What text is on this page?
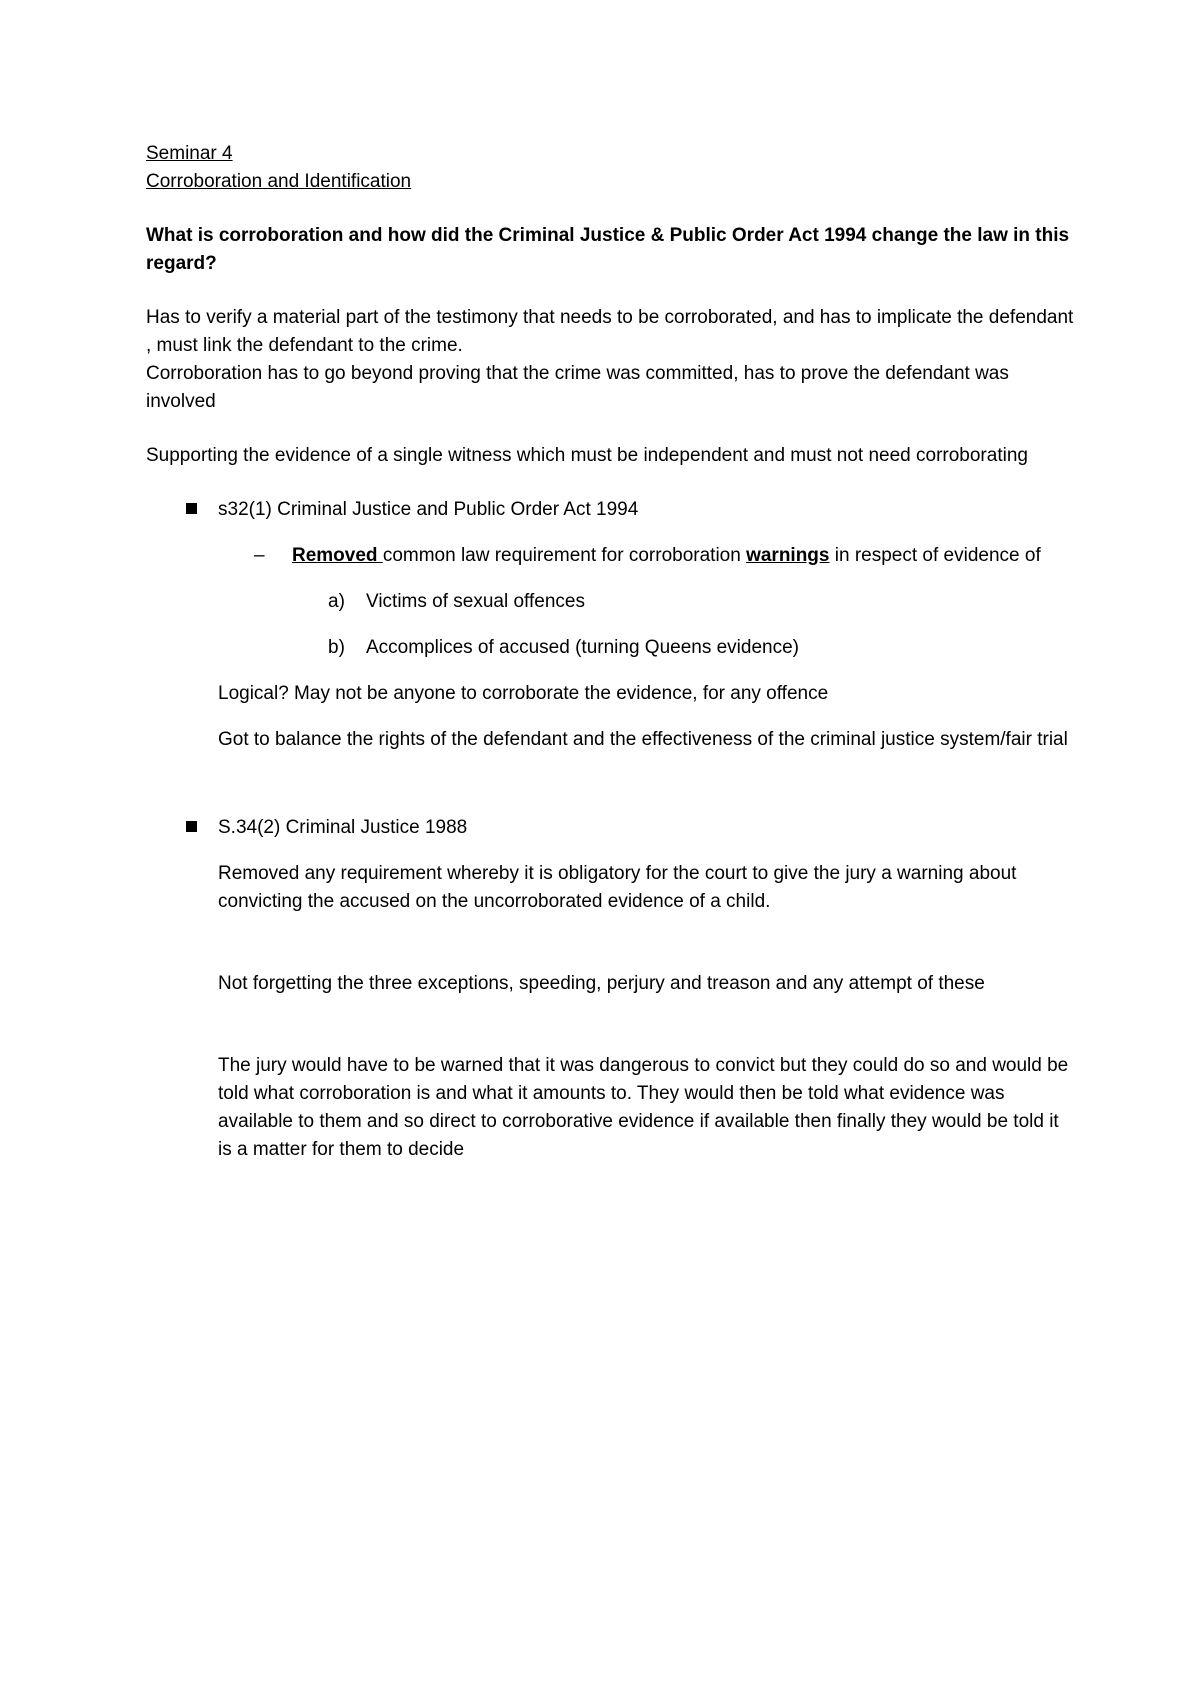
Seminar 4

Corroboration and Identification

What is corroboration and how did the Criminal Justice & Public Order Act 1994 change the law in this regard?

Has to verify a material part of the testimony that needs to be corroborated, and has to implicate the defendant , must link the defendant to the crime.

Corroboration has to go beyond proving that the crime was committed, has to prove the defendant was involved

Supporting the evidence of a single witness which must be independent and must not need corroborating

s32(1) Criminal Justice and Public Order Act 1994
– Removed common law requirement for corroboration warnings in respect of evidence of
a) Victims of sexual offences
b) Accomplices of accused (turning Queens evidence)

Logical? May not be anyone to corroborate the evidence, for any offence

Got to balance the rights of the defendant and the effectiveness of the criminal justice system/fair trial

S.34(2) Criminal Justice 1988

Removed any requirement whereby it is obligatory for the court to give the jury a warning about convicting the accused on the uncorroborated evidence of a child.

Not forgetting the three exceptions, speeding, perjury and treason and any attempt of these

The jury would have to be warned that it was dangerous to convict but they could do so and would be told what corroboration is and what it amounts to. They would then be told what evidence was available to them and so direct to corroborative evidence if available then finally they would be told it is a matter for them to decide
